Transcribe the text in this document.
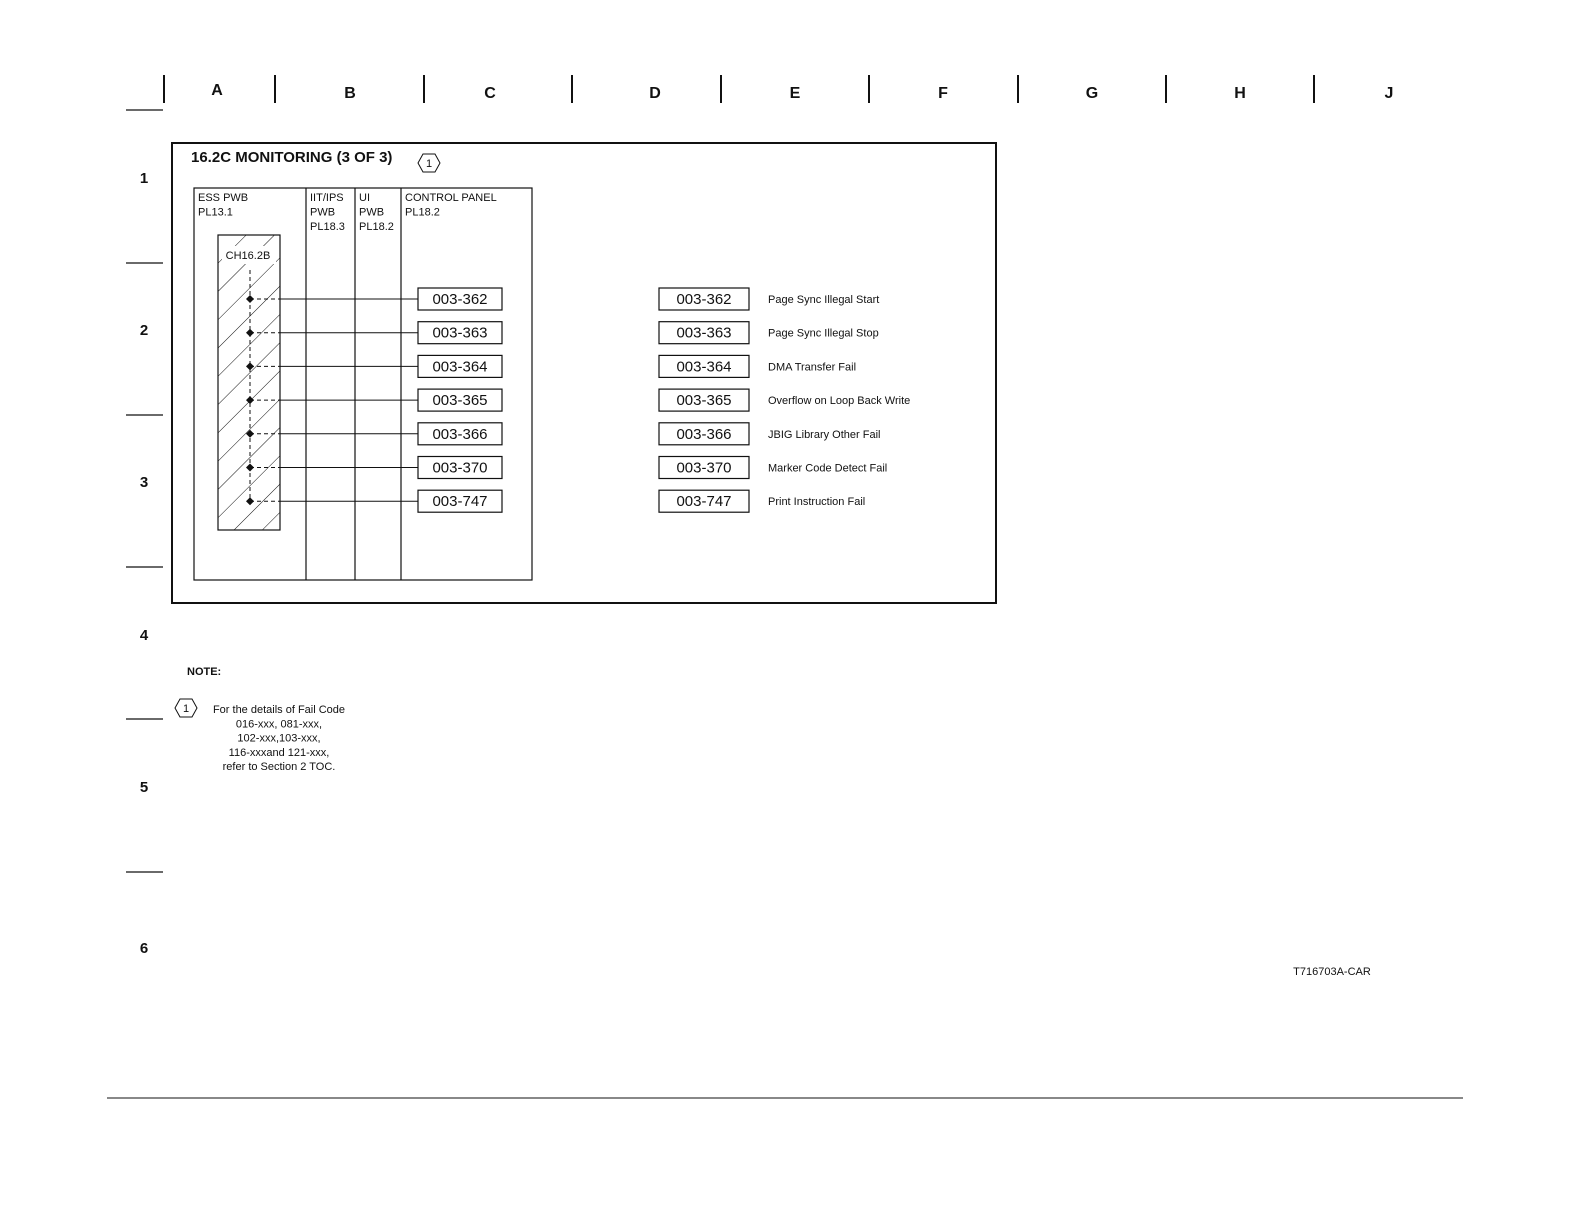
A	B	C	D	E	F	G	H	J
1
2
3
4
5
6
16.2C MONITORING (3 OF 3)	1
ESS PWB
PL13.1
IIT/IPS
PWB
PL18.3
UI
PWB
PL18.2
CONTROL PANEL
PL18.2
CH16.2B
003-362
003-363
003-364
003-365
003-366
003-370
003-747
003-362	Page Sync Illegal Start
003-363	Page Sync Illegal Stop
003-364	DMA Transfer Fail
003-365	Overflow on Loop Back Write
003-366	JBIG Library Other Fail
003-370	Marker Code Detect Fail
003-747	Print Instruction Fail
NOTE:
1 For the details of Fail Code
016-xxx, 081-xxx,
102-xxx,103-xxx,
116-xxxand 121-xxx,
refer to Section 2 TOC.
T716703A-CAR
